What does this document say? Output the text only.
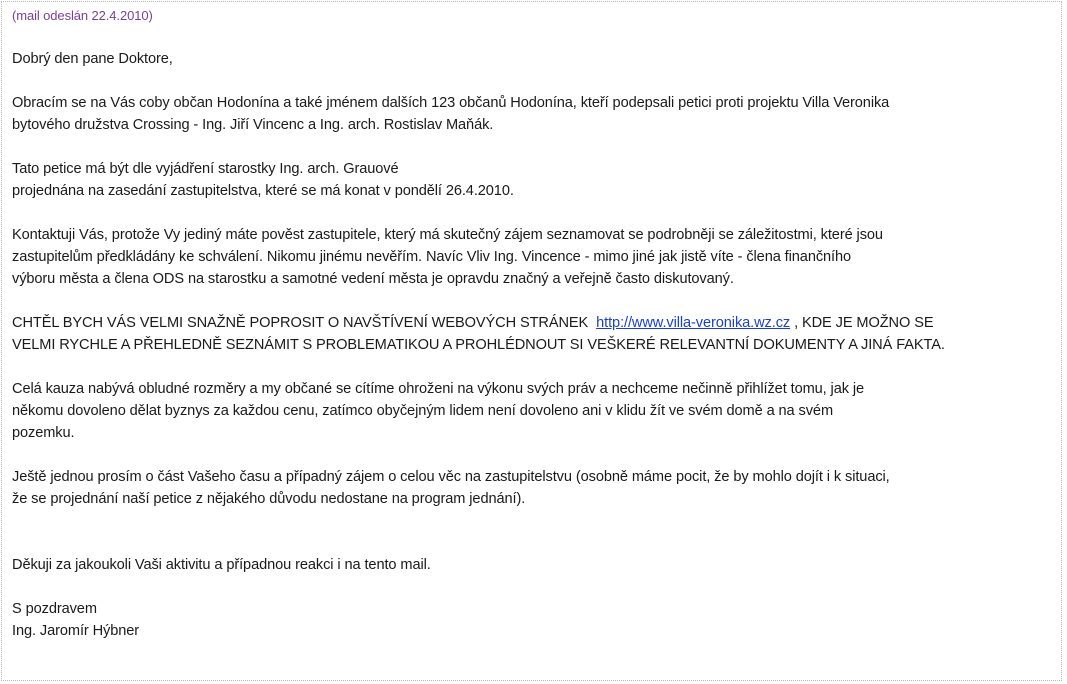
(mail odeslán 22.4.2010)
Dobrý den pane Doktore,
Obracím se na Vás coby občan Hodonína a také jménem dalších 123 občanů Hodonína, kteří podepsali petici proti projektu Villa Veronika
bytového družstva Crossing - Ing. Jiří Vincenc a Ing. arch. Rostislav Maňák.
Tato petice má být dle vyjádření starostky Ing. arch. Grauové
projednána na zasedání zastupitelstva, které se má konat v pondělí 26.4.2010.
Kontaktuji Vás, protože Vy jediný máte pověst zastupitele, který má skutečný zájem seznamovat se podrobněji se záležitostmi, které jsou
zastupitelům předkládány ke schválení. Nikomu jinému nevěřím. Navíc Vliv Ing. Vincence - mimo jiné jak jistě víte - člena finančního
výboru města a člena ODS na starostku a samotné vedení města je opravdu značný a veřejně často diskutovaný.
CHTĚL BYCH VÁS VELMI SNAŽNĚ POPROSIT O NAVŠTÍVENÍ WEBOVÝCH STRÁNEK http://www.villa-veronika.wz.cz , KDE JE MOŽNO SE
VELMI RYCHLE A PŘEHLEDNĚ SEZNÁMIT S PROBLEMATIKOU A PROHLÉDNOUT SI VEŠKERÉ RELEVANTNÍ DOKUMENTY A JINÁ FAKTA.
Celá kauza nabývá obludné rozměry a my občané se cítíme ohroženi na výkonu svých práv a nechceme nečinně přihlížet tomu, jak je
někomu dovoleno dělat byznys za každou cenu, zatímco obyčejným lidem není dovoleno ani v klidu žít ve svém domě a na svém
pozemku.
Ještě jednou prosím o část Vašeho času a případný zájem o celou věc na zastupitelstvu (osobně máme pocit, že by mohlo dojít i k situaci,
že se projednání naší petice z nějakého důvodu nedostane na program jednání).
Děkuji za jakoukoli Vaši aktivitu a případnou reakci i na tento mail.
S pozdravem
Ing. Jaromír Hýbner
